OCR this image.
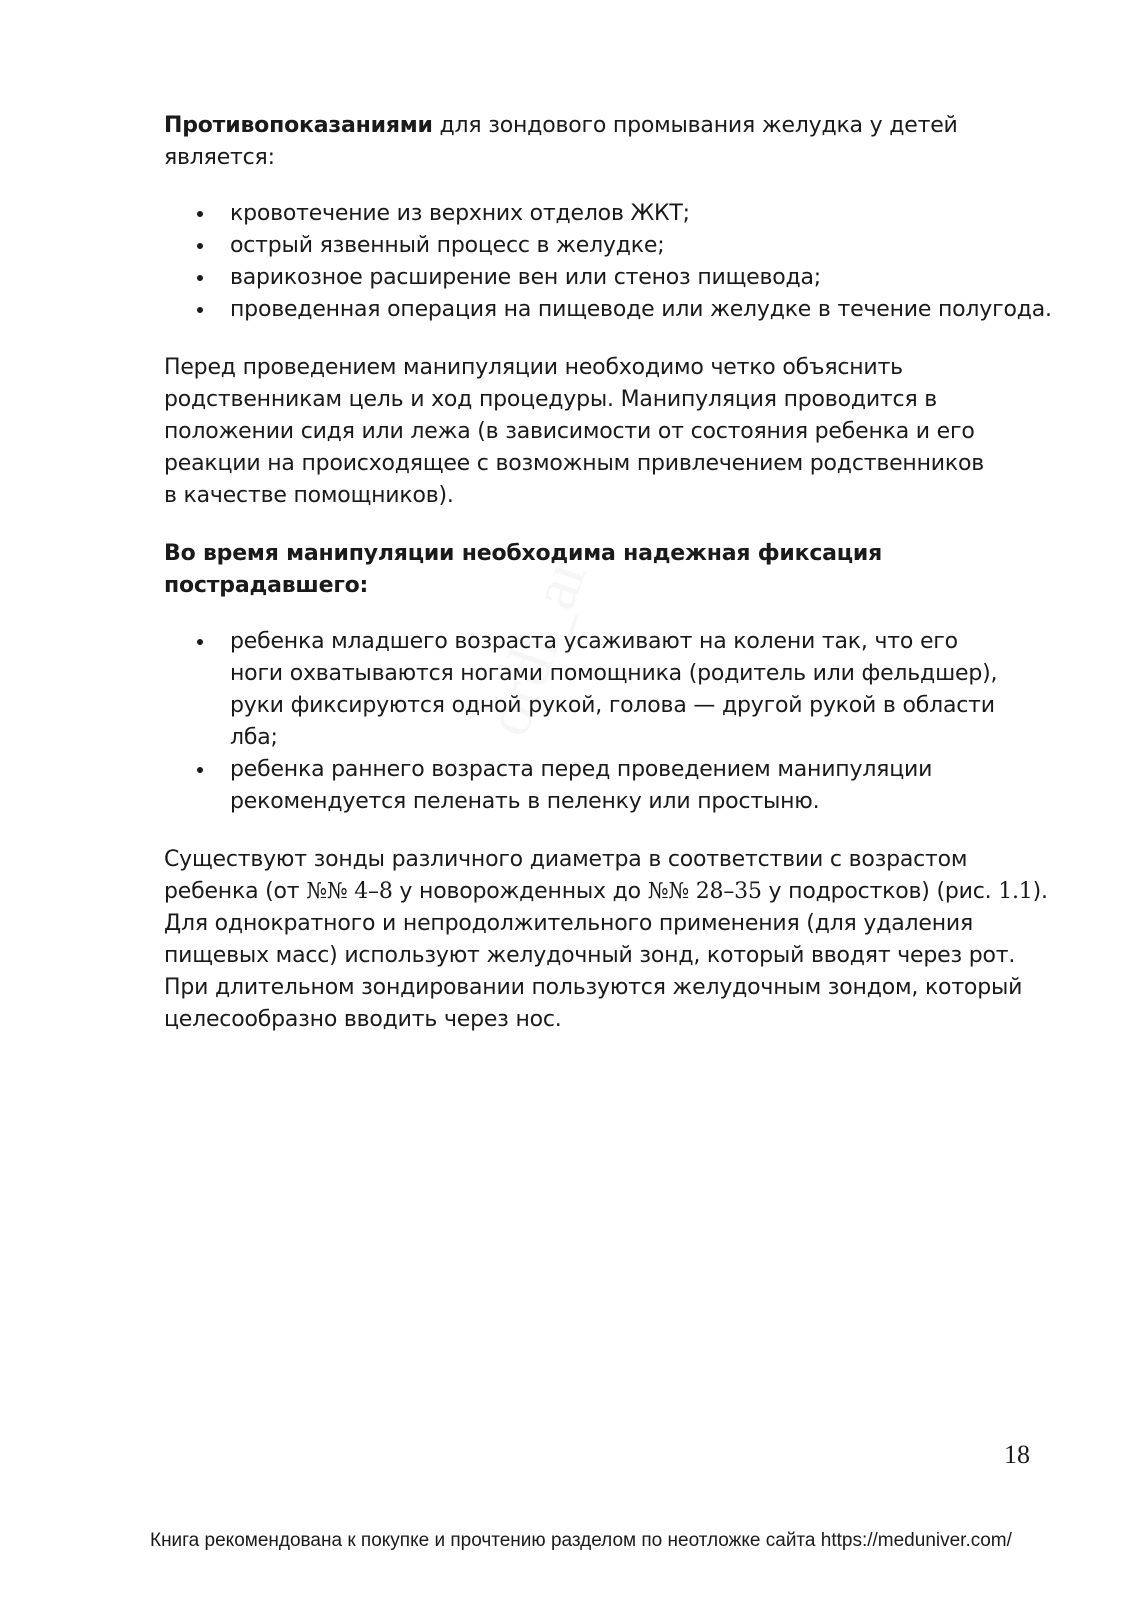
ordi_ar

Противопоказаниями для зондового промывания желудка у детей является:

кровотечение из верхних отделов ЖКТ;
острый язвенный процесс в желудке;
варикозное расширение вен или стеноз пищевода;
проведенная операция на пищеводе или желудке в течение полугода.

Перед проведением манипуляции необходимо четко объяснить родственникам цель и ход процедуры. Манипуляция проводится в положении сидя или лежа (в зависимости от состояния ребенка и его реакции на происходящее с возможным привлечением родственников в качестве помощников).

Во время манипуляции необходима надежная фиксация пострадавшего:

ребенка младшего возраста усаживают на колени так, что его ноги охватываются ногами помощника (родитель или фельдшер), руки фиксируются одной рукой, голова — другой рукой в области лба;
ребенка раннего возраста перед проведением манипуляции рекомендуется пеленать в пеленку или простыню.

Существуют зонды различного диаметра в соответствии с возрастом ребенка (от №№ 4–8 у новорожденных до №№ 28–35 у подростков) (рис. 1.1). Для однократного и непродолжительного применения (для удаления пищевых масс) используют желудочный зонд, который вводят через рот. При длительном зондировании пользуются желудочным зондом, который целесообразно вводить через нос.

18
Книга рекомендована к покупке и прочтению разделом по неотложке сайта https://meduniver.com/
